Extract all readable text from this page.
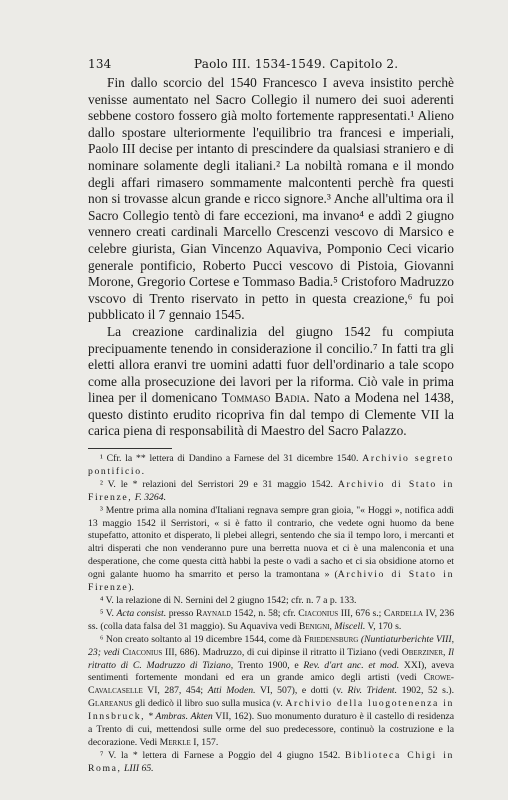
134	Paolo III. 1534-1549. Capitolo 2.

Fin dallo scorcio del 1540 Francesco I aveva insistito perchè venisse aumentato nel Sacro Collegio il numero dei suoi aderenti sebbene costoro fossero già molto fortemente rappresentati.¹ Alieno dallo spostare ulteriormente l'equilibrio tra francesi e imperiali, Paolo III decise per intanto di prescindere da qualsiasi straniero e di nominare solamente degli italiani.² La nobiltà romana e il mondo degli affari rimasero sommamente malcontenti perchè fra questi non si trovasse alcun grande e ricco signore.³ Anche all'ultima ora il Sacro Collegio tentò di fare eccezioni, ma invano⁴ e addì 2 giugno vennero creati cardinali Marcello Crescenzi vescovo di Marsico e celebre giurista, Gian Vincenzo Aquaviva, Pomponio Ceci vicario generale pontificio, Roberto Pucci vescovo di Pistoia, Giovanni Morone, Gregorio Cortese e Tommaso Badia.⁵ Cristoforo Madruzzo vscovo di Trento riservato in petto in questa creazione,⁶ fu poi pubblicato il 7 gennaio 1545.

La creazione cardinalizia del giugno 1542 fu compiuta precipuamente tenendo in considerazione il concilio.⁷ In fatti tra gli eletti allora eranvi tre uomini adatti fuor dell'ordinario a tale scopo come alla prosecuzione dei lavori per la riforma. Ciò vale in prima linea per il domenicano Tommaso Badia. Nato a Modena nel 1438, questo distinto erudito ricopriva fin dal tempo di Clemente VII la carica piena di responsabilità di Maestro del Sacro Palazzo.

¹ Cfr. la ** lettera di Dandino a Farnese del 31 dicembre 1540. Archivio segreto pontificio.

² V. le * relazioni del Serristori 29 e 31 maggio 1542. Archivio di Stato in Firenze, F. 3264.

³ Mentre prima alla nomina d'Italiani regnava sempre gran gioia, "« Hoggi », notifica addì 13 maggio 1542 il Serristori, « si è fatto il contrario, che vedete ogni huomo da bene stupefatto, attonito et disperato, li plebei allegri, sentendo che sia il tempo loro, i mercanti et altri disperati che non venderanno pure una berretta nuova et ci è una malenconia et una desperatione, che come questa città habbi la peste o vadi a sacho et ci sia obsidione atorno et ogni galante huomo ha smarrito et perso la tramontana » (Archivio di Stato in Firenze).

⁴ V. la relazione di N. Sernini del 2 giugno 1542; cfr. n. 7 a p. 133.

⁵ V. Acta consist. presso Raynald 1542, n. 58; cfr. Ciaconius III, 676 s.; Cardella IV, 236 ss. (colla data falsa del 31 maggio). Su Aquaviva vedi Benigni, Miscell. V, 170 s.

⁶ Non creato soltanto al 19 dicembre 1544, come dà Friedensburg (Nuntiaturberichte VIII, 23; vedi Ciaconius III, 686). Madruzzo, di cui dipinse il ritratto il Tiziano (vedi Oberziner, Il ritratto di C. Madruzzo di Tiziano, Trento 1900, e Rev. d'art anc. et mod. XXI), aveva sentimenti fortemente mondani ed era un grande amico degli artisti (vedi Crowe-Cavalcaselle VI, 287, 454; Atti Moden. VI, 507), e dotti (v. Riv. Trident. 1902, 52 s.). Glareanus gli dedicò il libro suo sulla musica (v. Archivio della luogotenenza in Innsbruck, * Ambras. Akten VII, 162). Suo monumento duraturo è il castello di residenza a Trento di cui, mettendosi sulle orme del suo predecessore, continuò la costruzione e la decorazione. Vedi Merkle I, 157.

⁷ V. la * lettera di Farnese a Poggio del 4 giugno 1542. Biblioteca Chigi in Roma, LIII 65.
